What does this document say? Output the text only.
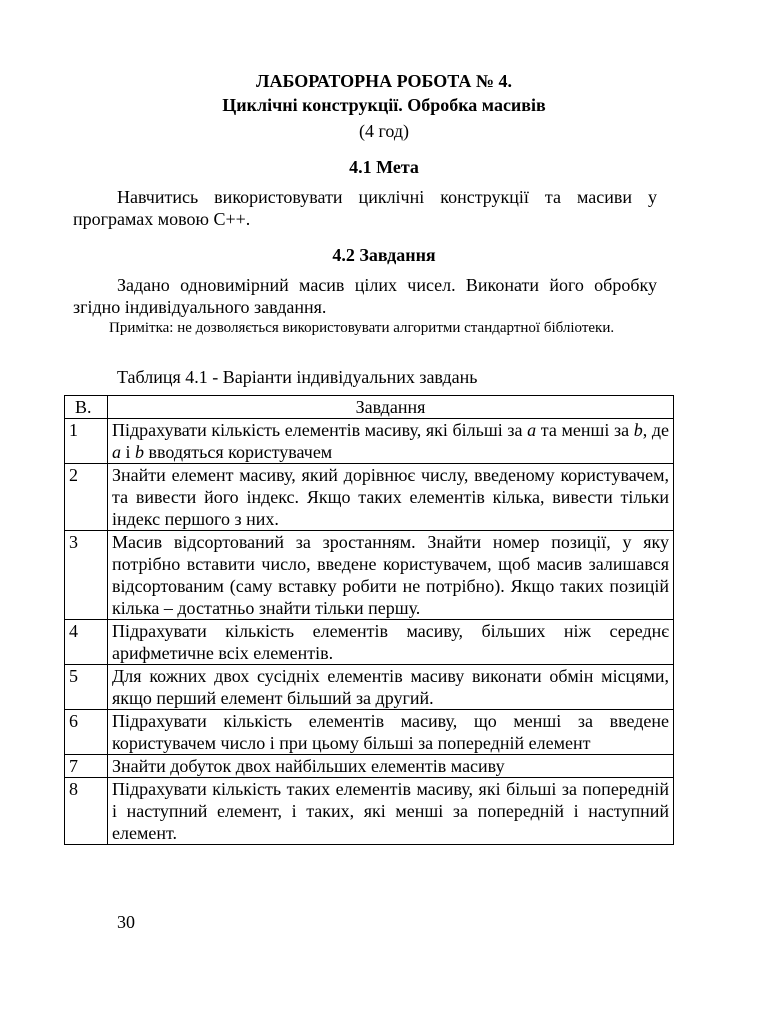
ЛАБОРАТОРНА РОБОТА № 4.
Циклічні конструкції. Обробка масивів
(4 год)
4.1 Мета
Навчитись використовувати циклічні конструкції та масиви у програмах мовою С++.
4.2 Завдання
Задано одновимірний масив цілих чисел. Виконати його обробку згідно індивідуального завдання.
Примітка: не дозволяється використовувати алгоритми стандартної бібліотеки.
Таблиця 4.1 - Варіанти індивідуальних завдань
В.	Завдання
1	Підрахувати кількість елементів масиву, які більші за a та менші за b, де a і b вводяться користувачем
2	Знайти елемент масиву, який дорівнює числу, введеному користувачем, та вивести його індекс. Якщо таких елементів кілька, вивести тільки індекс першого з них.
3	Масив відсортований за зростанням. Знайти номер позиції, у яку потрібно вставити число, введене користувачем, щоб масив залишався відсортованим (саму вставку робити не потрібно). Якщо таких позицій кілька – достатньо знайти тільки першу.
4	Підрахувати кількість елементів масиву, більших ніж середнє арифметичне всіх елементів.
5	Для кожних двох сусідніх елементів масиву виконати обмін місцями, якщо перший елемент більший за другий.
6	Підрахувати кількість елементів масиву, що менші за введене користувачем число і при цьому більші за попередній елемент
7	Знайти добуток двох найбільших елементів масиву
8	Підрахувати кількість таких елементів масиву, які більші за попередній і наступний елемент, і таких, які менші за попередній і наступний елемент.
30
